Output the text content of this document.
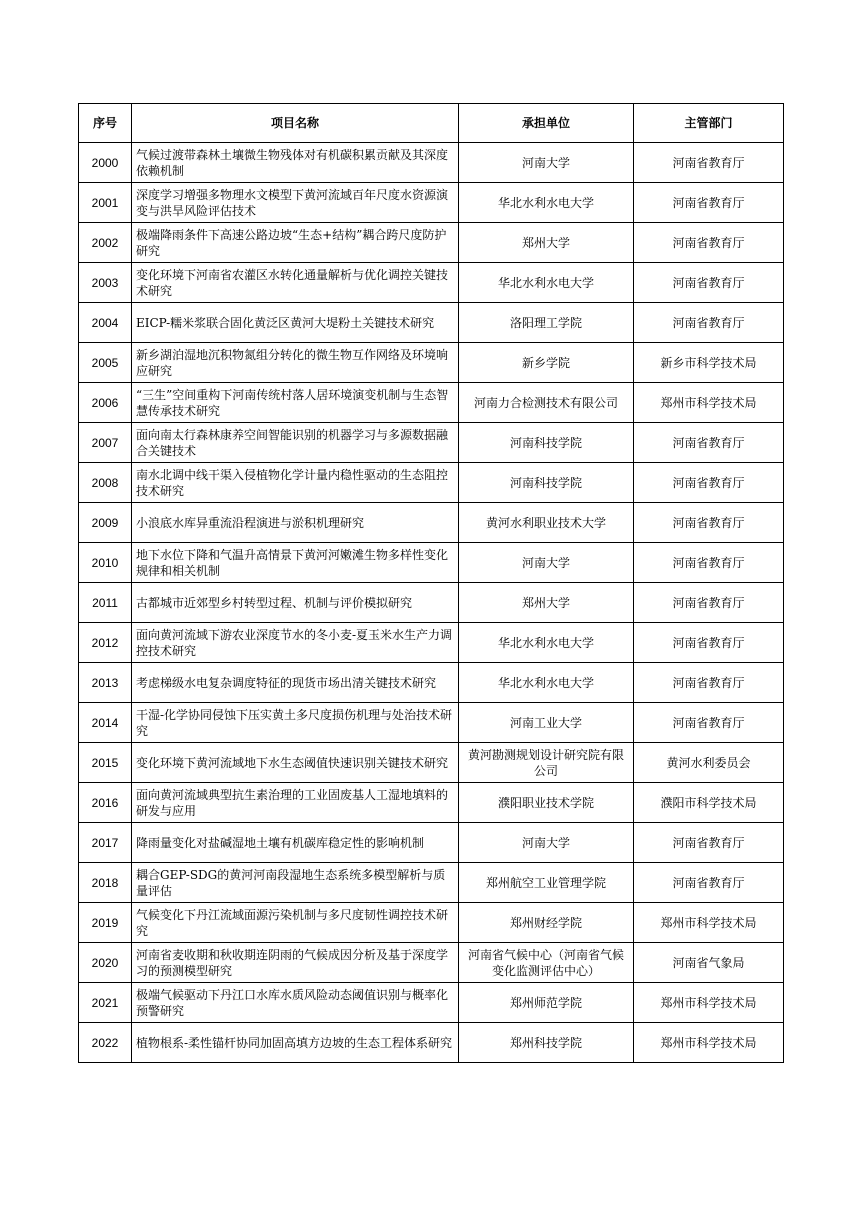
序号	项目名称	承担单位	主管部门
2000	气候过渡带森林土壤微生物残体对有机碳积累贡献及其深度依赖机制	河南大学	河南省教育厅
2001	深度学习增强多物理水文模型下黄河流域百年尺度水资源演变与洪旱风险评估技术	华北水利水电大学	河南省教育厅
2002	极端降雨条件下高速公路边坡“生态+结构”耦合跨尺度防护研究	郑州大学	河南省教育厅
2003	变化环境下河南省农灌区水转化通量解析与优化调控关键技术研究	华北水利水电大学	河南省教育厅
2004	EICP-糯米浆联合固化黄泛区黄河大堤粉土关键技术研究	洛阳理工学院	河南省教育厅
2005	新乡湖泊湿地沉积物氮组分转化的微生物互作网络及环境响应研究	新乡学院	新乡市科学技术局
2006	“三生”空间重构下河南传统村落人居环境演变机制与生态智慧传承技术研究	河南力合检测技术有限公司	郑州市科学技术局
2007	面向南太行森林康养空间智能识别的机器学习与多源数据融合关键技术	河南科技学院	河南省教育厅
2008	南水北调中线干渠入侵植物化学计量内稳性驱动的生态阻控技术研究	河南科技学院	河南省教育厅
2009	小浪底水库异重流沿程演进与淤积机理研究	黄河水利职业技术大学	河南省教育厅
2010	地下水位下降和气温升高情景下黄河河嫩滩生物多样性变化规律和相关机制	河南大学	河南省教育厅
2011	古都城市近郊型乡村转型过程、机制与评价模拟研究	郑州大学	河南省教育厅
2012	面向黄河流域下游农业深度节水的冬小麦-夏玉米水生产力调控技术研究	华北水利水电大学	河南省教育厅
2013	考虑梯级水电复杂调度特征的现货市场出清关键技术研究	华北水利水电大学	河南省教育厅
2014	干湿-化学协同侵蚀下压实黄土多尺度损伤机理与处治技术研究	河南工业大学	河南省教育厅
2015	变化环境下黄河流域地下水生态阈值快速识别关键技术研究	黄河勘测规划设计研究院有限公司	黄河水利委员会
2016	面向黄河流域典型抗生素治理的工业固废基人工湿地填料的研发与应用	濮阳职业技术学院	濮阳市科学技术局
2017	降雨量变化对盐碱湿地土壤有机碳库稳定性的影响机制	河南大学	河南省教育厅
2018	耦合GEP-SDG的黄河河南段湿地生态系统多模型解析与质量评估	郑州航空工业管理学院	河南省教育厅
2019	气候变化下丹江流域面源污染机制与多尺度韧性调控技术研究	郑州财经学院	郑州市科学技术局
2020	河南省麦收期和秋收期连阴雨的气候成因分析及基于深度学习的预测模型研究	河南省气候中心（河南省气候变化监测评估中心）	河南省气象局
2021	极端气候驱动下丹江口水库水质风险动态阈值识别与概率化预警研究	郑州师范学院	郑州市科学技术局
2022	植物根系-柔性锚杆协同加固高填方边坡的生态工程体系研究	郑州科技学院	郑州市科学技术局
